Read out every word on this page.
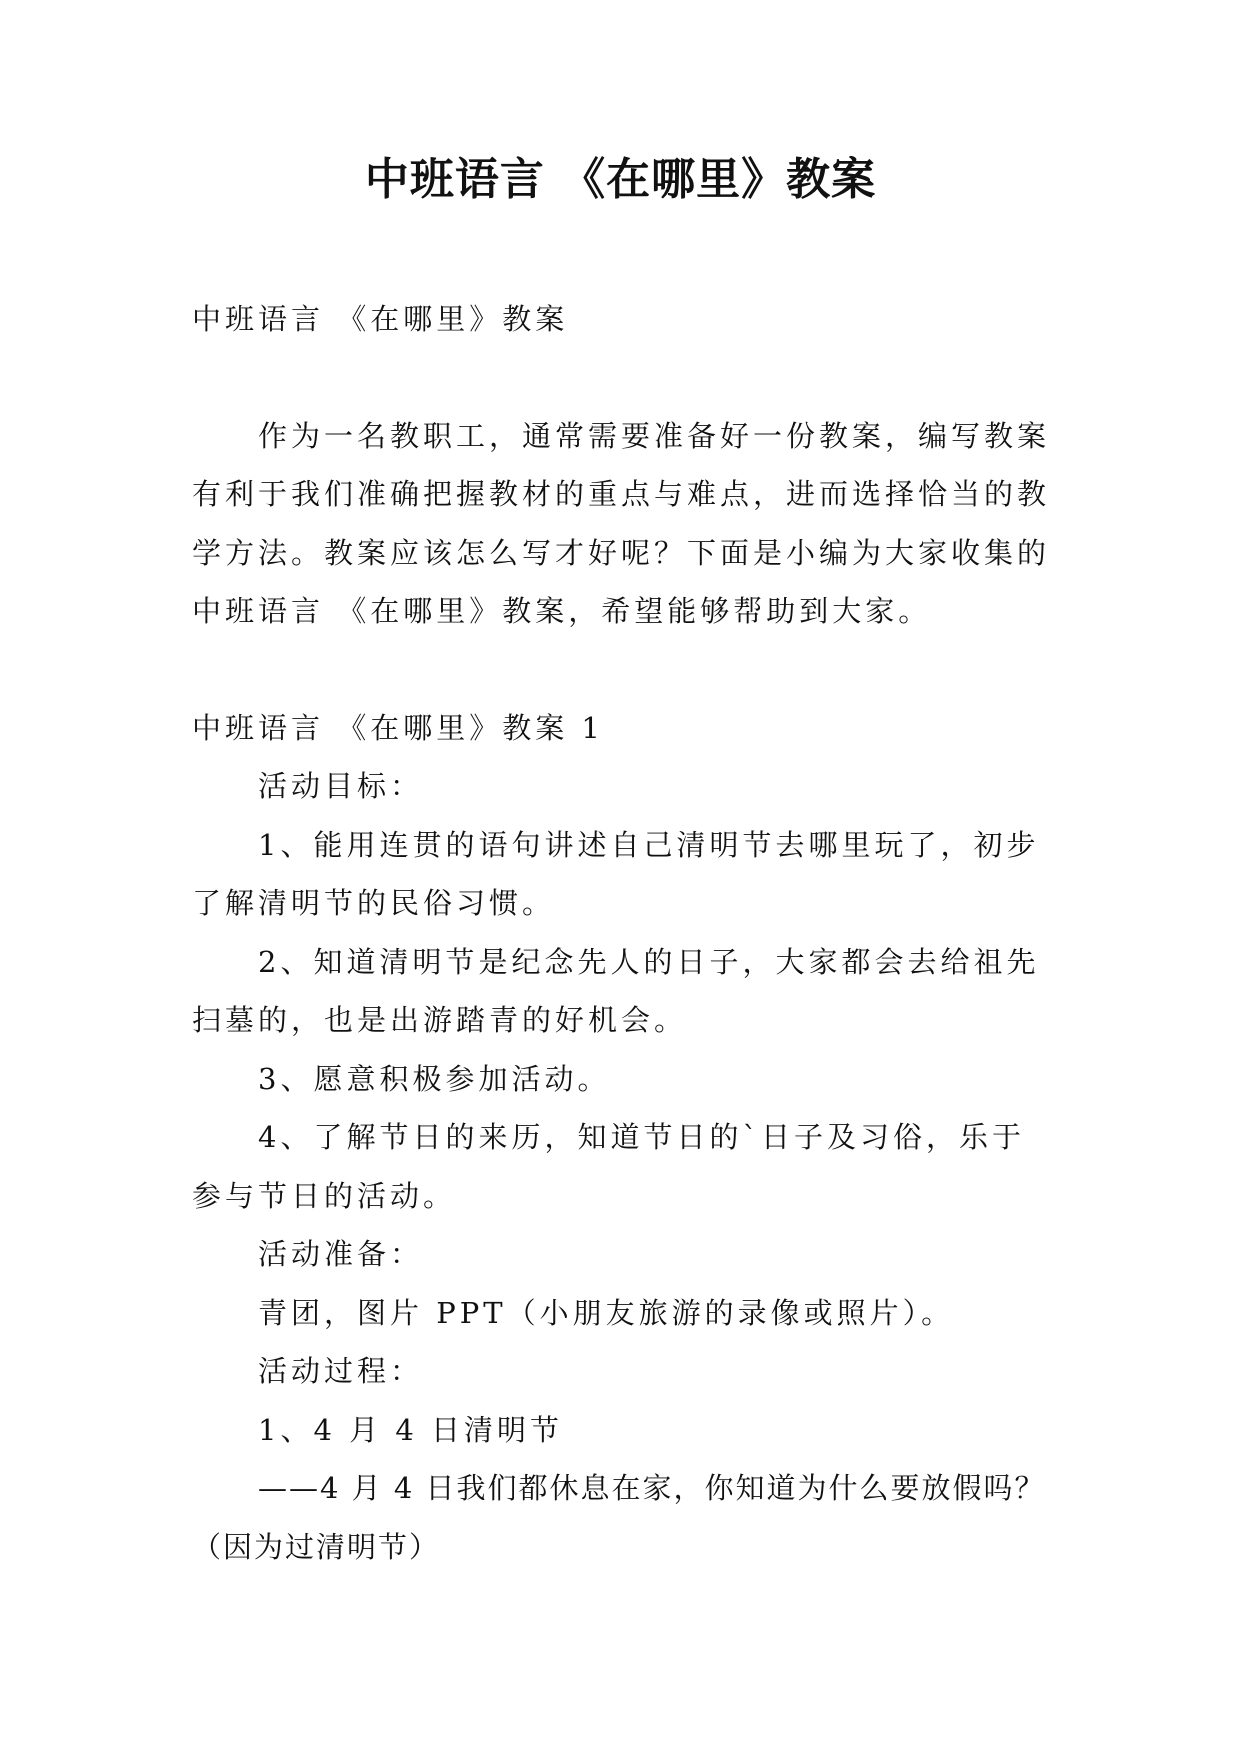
中班语言 《在哪里》教案

中班语言 《在哪里》教案

作为一名教职工，通常需要准备好一份教案，编写教案有利于我们准确把握教材的重点与难点，进而选择恰当的教学方法。教案应该怎么写才好呢？下面是小编为大家收集的中班语言 《在哪里》教案，希望能够帮助到大家。

中班语言 《在哪里》教案 1

活动目标：

1、能用连贯的语句讲述自己清明节去哪里玩了，初步了解清明节的民俗习惯。

2、知道清明节是纪念先人的日子，大家都会去给祖先扫墓的，也是出游踏青的好机会。

3、愿意积极参加活动。

4、了解节日的来历，知道节日的`日子及习俗，乐于参与节日的活动。

活动准备：

青团，图片 PPT（小朋友旅游的录像或照片）。

活动过程：

1、4 月 4 日清明节

——4 月 4 日我们都休息在家，你知道为什么要放假吗？（因为过清明节）
